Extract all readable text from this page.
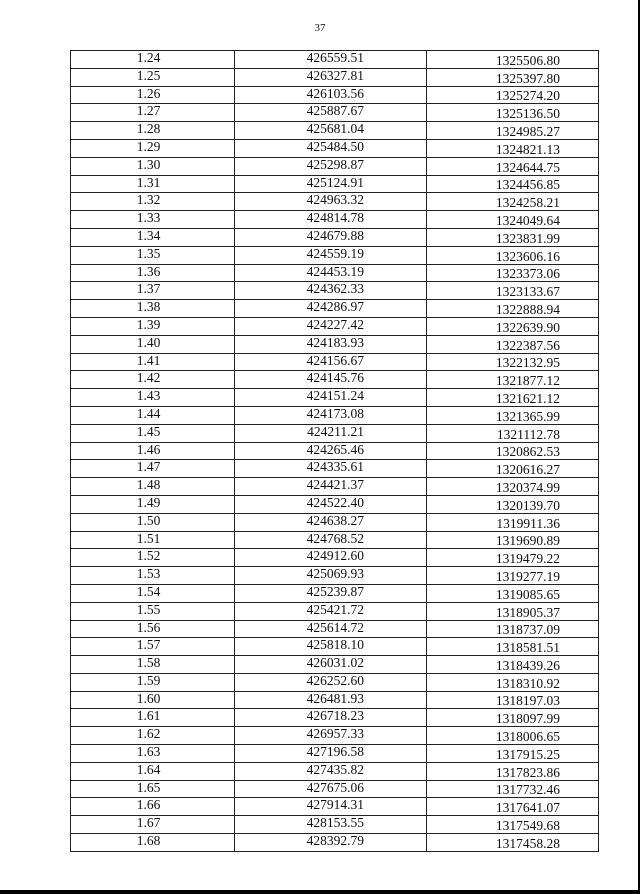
37
1.24	426559.51	1325506.80
1.25	426327.81	1325397.80
1.26	426103.56	1325274.20
1.27	425887.67	1325136.50
1.28	425681.04	1324985.27
1.29	425484.50	1324821.13
1.30	425298.87	1324644.75
1.31	425124.91	1324456.85
1.32	424963.32	1324258.21
1.33	424814.78	1324049.64
1.34	424679.88	1323831.99
1.35	424559.19	1323606.16
1.36	424453.19	1323373.06
1.37	424362.33	1323133.67
1.38	424286.97	1322888.94
1.39	424227.42	1322639.90
1.40	424183.93	1322387.56
1.41	424156.67	1322132.95
1.42	424145.76	1321877.12
1.43	424151.24	1321621.12
1.44	424173.08	1321365.99
1.45	424211.21	1321112.78
1.46	424265.46	1320862.53
1.47	424335.61	1320616.27
1.48	424421.37	1320374.99
1.49	424522.40	1320139.70
1.50	424638.27	1319911.36
1.51	424768.52	1319690.89
1.52	424912.60	1319479.22
1.53	425069.93	1319277.19
1.54	425239.87	1319085.65
1.55	425421.72	1318905.37
1.56	425614.72	1318737.09
1.57	425818.10	1318581.51
1.58	426031.02	1318439.26
1.59	426252.60	1318310.92
1.60	426481.93	1318197.03
1.61	426718.23	1318097.99
1.62	426957.33	1318006.65
1.63	427196.58	1317915.25
1.64	427435.82	1317823.86
1.65	427675.06	1317732.46
1.66	427914.31	1317641.07
1.67	428153.55	1317549.68
1.68	428392.79	1317458.28
